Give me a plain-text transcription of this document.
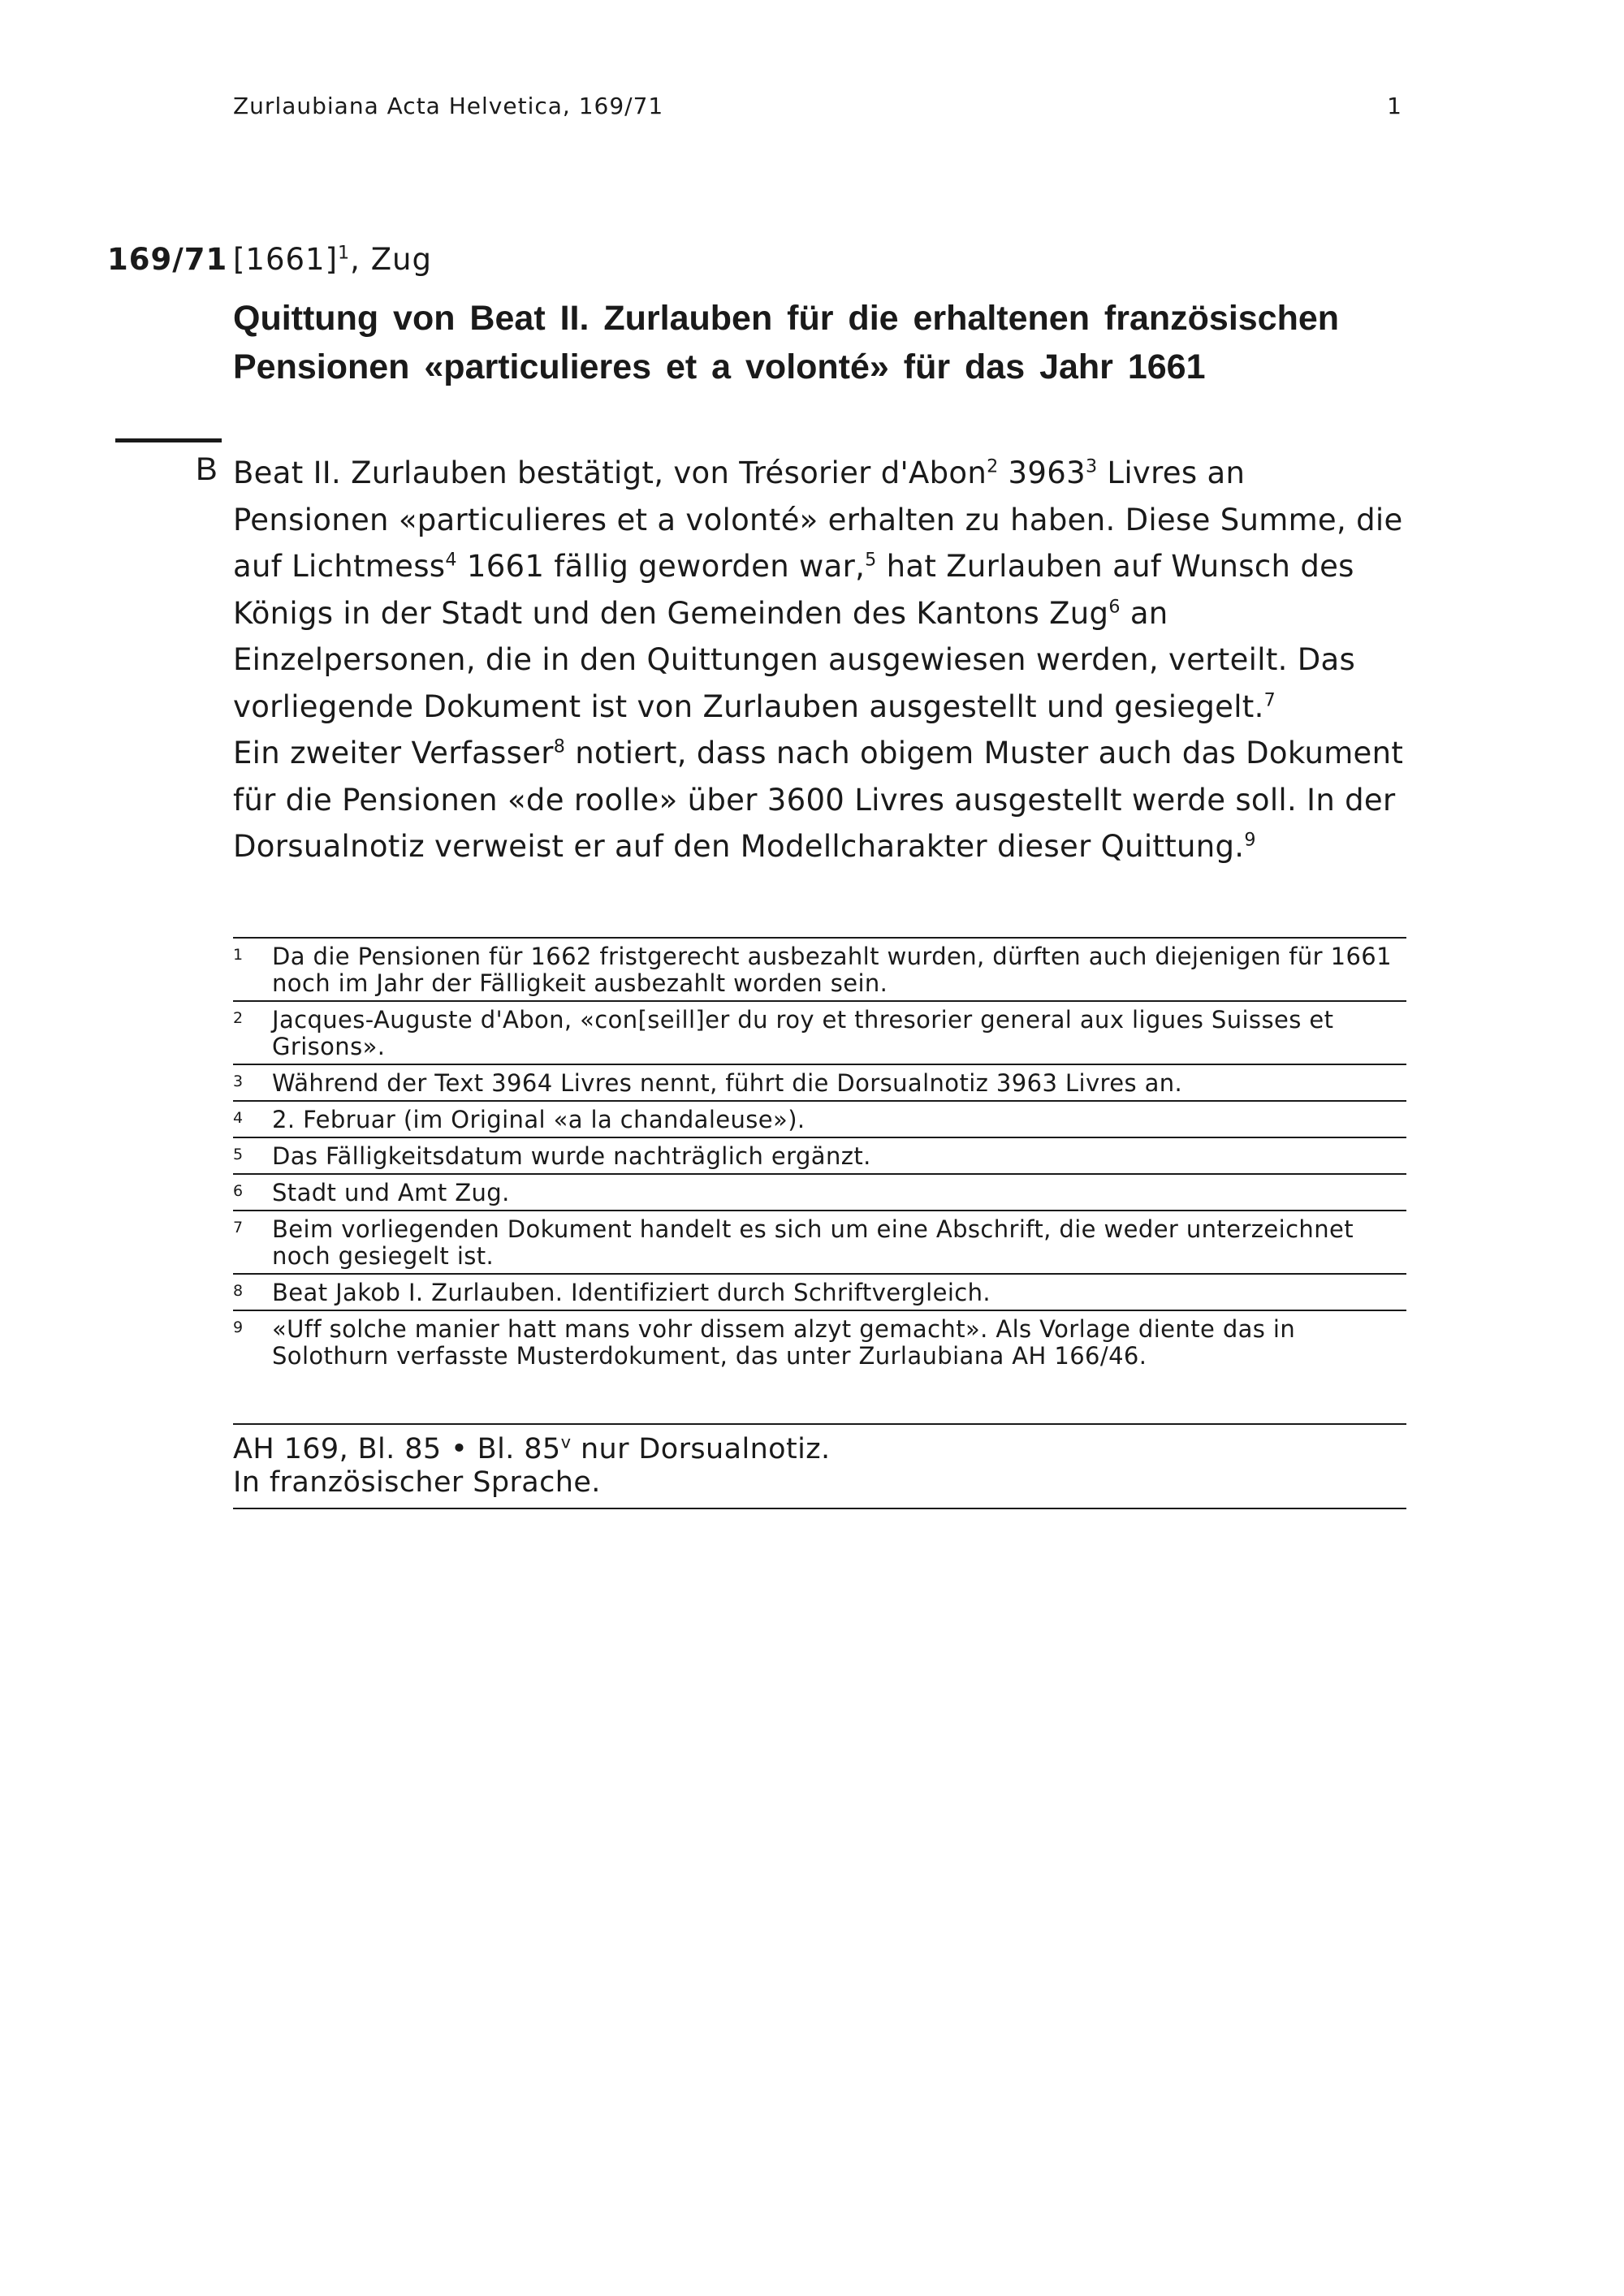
Zurlaubiana Acta Helvetica, 169/71	1
169/71 $[1661]^1$, Zug
Quittung von Beat II. Zurlauben für die erhaltenen französischen
Pensionen «particulieres et a volonté» für das Jahr 1661
B Beat II. Zurlauben bestätigt, von Trésorier d'Abon$^2$ 3963$^3$ Livres an Pensionen «particulieres et a volonté» erhalten zu haben. Diese Summe, die auf Lichtmess$^4$ 1661 fällig geworden war,$^5$ hat Zurlauben auf Wunsch des Königs in der Stadt und den Gemeinden des Kantons Zug$^6$ an Einzelpersonen, die in den Quittungen ausgewiesen werden, verteilt. Das vorliegende Dokument ist von Zurlauben ausgestellt und gesiegelt.$^7$

Ein zweiter Verfasser$^8$ notiert, dass nach obigem Muster auch das Dokument für die Pensionen «de roolle» über 3600 Livres ausgestellt werde soll. In der Dorsualnotiz verweist er auf den Modellcharakter dieser Quittung.$^9$

1 Da die Pensionen für 1662 fristgerecht ausbezahlt wurden, dürften auch diejenigen für 1661 noch im Jahr der Fälligkeit ausbezahlt worden sein.
2 Jacques-Auguste d'Abon, «con[seill]er du roy et thresorier general aux ligues Suisses et Grisons».
3 Während der Text 3964 Livres nennt, führt die Dorsualnotiz 3963 Livres an.
4 2. Februar (im Original «a la chandaleuse»).
5 Das Fälligkeitsdatum wurde nachträglich ergänzt.
6 Stadt und Amt Zug.
7 Beim vorliegenden Dokument handelt es sich um eine Abschrift, die weder unterzeichnet noch gesiegelt ist.
8 Beat Jakob I. Zurlauben. Identifiziert durch Schriftvergleich.
9 «Uff solche manier hatt mans vohr dissem alzyt gemacht». Als Vorlage diente das in Solothurn verfasste Musterdokument, das unter Zurlaubiana AH 166/46.
AH 169, Bl. 85 • Bl. 85$^v$ nur Dorsualnotiz.
In französischer Sprache.
